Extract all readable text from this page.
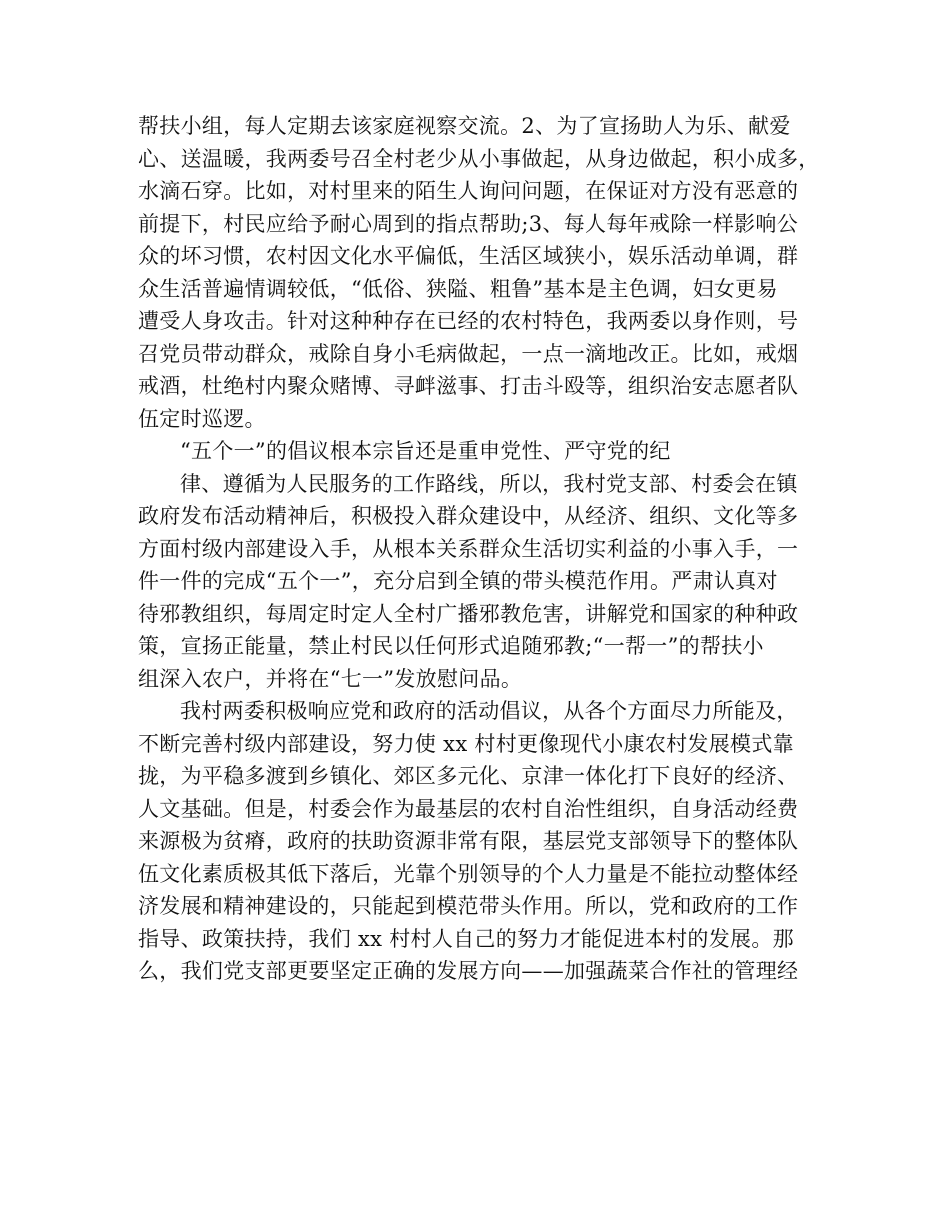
帮扶小组，每人定期去该家庭视察交流。2、为了宣扬助人为乐、献爱
心、送温暖，我两委号召全村老少从小事做起，从身边做起，积小成多，
水滴石穿。比如，对村里来的陌生人询问问题，在保证对方没有恶意的
前提下，村民应给予耐心周到的指点帮助;3、每人每年戒除一样影响公
众的坏习惯，农村因文化水平偏低，生活区域狭小，娱乐活动单调，群
众生活普遍情调较低，“低俗、狭隘、粗鲁”基本是主色调，妇女更易
遭受人身攻击。针对这种种存在已经的农村特色，我两委以身作则，号
召党员带动群众，戒除自身小毛病做起，一点一滴地改正。比如，戒烟
戒酒，杜绝村内聚众赌博、寻衅滋事、打击斗殴等，组织治安志愿者队
伍定时巡逻。
“五个一”的倡议根本宗旨还是重申党性、严守党的纪
律、遵循为人民服务的工作路线，所以，我村党支部、村委会在镇
政府发布活动精神后，积极投入群众建设中，从经济、组织、文化等多
方面村级内部建设入手，从根本关系群众生活切实利益的小事入手，一
件一件的完成“五个一”，充分启到全镇的带头模范作用。严肃认真对
待邪教组织，每周定时定人全村广播邪教危害，讲解党和国家的种种政
策，宣扬正能量，禁止村民以任何形式追随邪教;“一帮一”的帮扶小
组深入农户，并将在“七一”发放慰问品。
我村两委积极响应党和政府的活动倡议，从各个方面尽力所能及，
不断完善村级内部建设，努力使 xx 村村更像现代小康农村发展模式靠
拢，为平稳多渡到乡镇化、郊区多元化、京津一体化打下良好的经济、
人文基础。但是，村委会作为最基层的农村自治性组织，自身活动经费
来源极为贫瘠，政府的扶助资源非常有限，基层党支部领导下的整体队
伍文化素质极其低下落后，光靠个别领导的个人力量是不能拉动整体经
济发展和精神建设的，只能起到模范带头作用。所以，党和政府的工作
指导、政策扶持，我们 xx 村村人自己的努力才能促进本村的发展。那
么，我们党支部更要坚定正确的发展方向——加强蔬菜合作社的管理经
